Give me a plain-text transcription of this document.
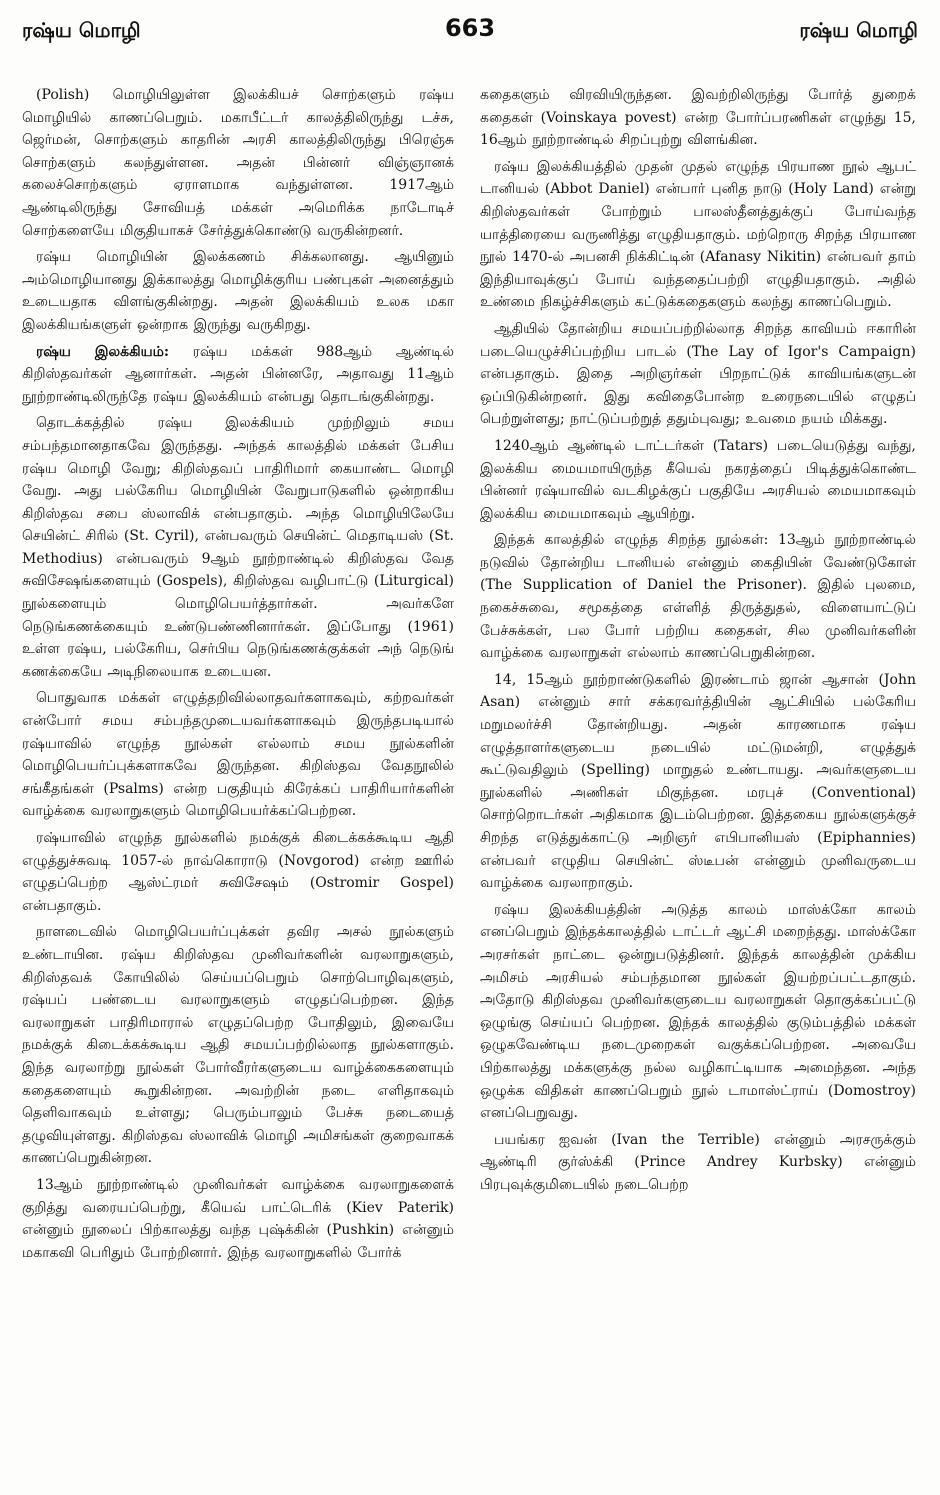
ரஷ்ய மொழி	663	ரஷ்ய மொழி

(Polish) மொழியிலுள்ள இலக்கியச் சொற்களும் ரஷ்ய மொழியில் காணப்பெறும். மகாபீட்டர் காலத்திலிருந்து டச்சு, ஜெர்மன், சொற்களும் காதரின் அரசி காலத்திலிருந்து பிரெஞ்சு சொற்களும் கலந்துள்ளன. அதன் பின்னர் விஞ்ஞானக் கலைச்சொற்களும் ஏராளமாக வந்துள்ளன. 1917ஆம் ஆண்டிலிருந்து சோவியத் மக்கள் அமெரிக்க நாடோடிச் சொற்களையே மிகுதியாகச் சேர்த்துக்கொண்டு வருகின்றனர்.

ரஷ்ய மொழியின் இலக்கணம் சிக்கலானது. ஆயினும் அம்மொழியானது இக்காலத்து மொழிக்குரிய பண்புகள் அனைத்தும் உடையதாக விளங்குகின்றது. அதன் இலக்கியம் உலக மகா இலக்கியங்களுள் ஒன்றாக இருந்து வருகிறது.

ரஷ்ய இலக்கியம்: ரஷ்ய மக்கள் 988ஆம் ஆண்டில் கிறிஸ்தவர்கள் ஆனார்கள். அதன் பின்னரே, அதாவது 11ஆம் நூற்றாண்டிலிருந்தே ரஷ்ய இலக்கியம் என்பது தொடங்குகின்றது.

தொடக்கத்தில் ரஷ்ய இலக்கியம் முற்றிலும் சமய சம்பந்தமானதாகவே இருந்தது. அந்தக் காலத்தில் மக்கள் பேசிய ரஷ்ய மொழி வேறு; கிறிஸ்தவப் பாதிரிமார் கையாண்ட மொழி வேறு. அது பல்கேரிய மொழியின் வேறுபாடுகளில் ஒன்றாகிய கிறிஸ்தவ சபை ஸ்லாவிக் என்பதாகும். அந்த மொழியிலேயே செயின்ட் சிரில் (St. Cyril), என்பவரும் செயின்ட் மெதாடியஸ் (St. Methodius) என்பவரும் 9ஆம் நூற்றாண்டில் கிறிஸ்தவ வேத சுவிசேஷங்களையும் (Gospels), கிறிஸ்தவ வழிபாட்டு (Liturgical) நூல்களையும் மொழிபெயர்த்தார்கள். அவர்களே நெடுங்கணக்கையும் உண்டுபண்ணினார்கள். இப்போது (1961) உள்ள ரஷ்ய, பல்கேரிய, செர்பிய நெடுங்கணக்குக்கள் அந் நெடுங் கணக்கையே அடிநிலையாக உடையன.

பொதுவாக மக்கள் எழுத்தறிவில்லாதவர்களாகவும், கற்றவர்கள் என்போர் சமய சம்பந்தமுடையவர்களாகவும் இருந்தபடியால் ரஷ்யாவில் எழுந்த நூல்கள் எல்லாம் சமய நூல்களின் மொழிபெயர்ப்புக்களாகவே இருந்தன. கிறிஸ்தவ வேதநூலில் சங்கீதங்கள் (Psalms) என்ற பகுதியும் கிரேக்கப் பாதிரியார்களின் வாழ்க்கை வரலாறுகளும் மொழிபெயர்க்கப்பெற்றன.

ரஷ்யாவில் எழுந்த நூல்களில் நமக்குக் கிடைக்கக்கூடிய ஆதி எழுத்துச்சுவடி 1057-ல் நாவ்கொராடு (Novgorod) என்ற ஊரில் எழுதப்பெற்ற ஆஸ்ட்ரமர் சுவிசேஷம் (Ostromir Gospel) என்பதாகும்.

நாளடைவில் மொழிபெயர்ப்புக்கள் தவிர அசல் நூல்களும் உண்டாயின. ரஷ்ய கிறிஸ்தவ முனிவர்களின் வரலாறுகளும், கிறிஸ்தவக் கோயிலில் செய்யப்பெறும் சொற்பொழிவுகளும், ரஷ்யப் பண்டைய வரலாறுகளும் எழுதப்பெற்றன. இந்த வரலாறுகள் பாதிரிமாரால் எழுதப்பெற்ற போதிலும், இவையே நமக்குக் கிடைக்கக்கூடிய ஆதி சமயப்பற்றில்லாத நூல்களாகும். இந்த வரலாற்று நூல்கள் போர்வீரர்களுடைய வாழ்க்கைகளையும் கதைகளையும் கூறுகின்றன. அவற்றின் நடை எளிதாகவும் தெளிவாகவும் உள்ளது; பெரும்பாலும் பேச்சு நடையைத் தழுவியுள்ளது. கிறிஸ்தவ ஸ்லாவிக் மொழி அமிசங்கள் குறைவாகக் காணப்பெறுகின்றன.

13ஆம் நூற்றாண்டில் முனிவர்கள் வாழ்க்கை வரலாறுகளைக் குறித்து வரையப்பெற்று, கீயெவ் பாட்டெரிக் (Kiev Paterik) என்னும் நூலைப் பிற்காலத்து வந்த புஷ்க்கின் (Pushkin) என்னும் மகாகவி பெரிதும் போற்றினார். இந்த வரலாறுகளில் போர்க்

கதைகளும் விரவியிருந்தன. இவற்றிலிருந்து போர்த் துறைக் கதைகள் (Voinskaya povest) என்ற போர்ப்பரணிகள் எழுந்து 15, 16ஆம் நூற்றாண்டில் சிறப்புற்று விளங்கின.

ரஷ்ய இலக்கியத்தில் முதன் முதல் எழுந்த பிரயாண நூல் ஆபட் டானியல் (Abbot Daniel) என்பார் புனித நாடு (Holy Land) என்று கிறிஸ்தவர்கள் போற்றும் பாலஸ்தீனத்துக்குப் போய்வந்த யாத்திரையை வருணித்து எழுதியதாகும். மற்றொரு சிறந்த பிரயாண நூல் 1470-ல் அபனசி நிக்கிட்டின் (Afanasy Nikitin) என்பவர் தாம் இந்தியாவுக்குப் போய் வந்ததைப்பற்றி எழுதியதாகும். அதில் உண்மை நிகழ்ச்சிகளும் கட்டுக்கதைகளும் கலந்து காணப்பெறும்.

ஆதியில் தோன்றிய சமயப்பற்றில்லாத சிறந்த காவியம் ஈகாரின் படையெழுச்சிப்பற்றிய பாடல் (The Lay of Igor's Campaign) என்பதாகும். இதை அறிஞர்கள் பிறநாட்டுக் காவியங்களுடன் ஒப்பிடுகின்றனர். இது கவிதைபோன்ற உரைநடையில் எழுதப் பெற்றுள்ளது; நாட்டுப்பற்றுத் ததும்புவது; உவமை நயம் மிக்கது.

1240ஆம் ஆண்டில் டாட்டர்கள் (Tatars) படையெடுத்து வந்து, இலக்கிய மையமாயிருந்த கீயெவ் நகரத்தைப் பிடித்துக்கொண்ட பின்னர் ரஷ்யாவில் வடகிழக்குப் பகுதியே அரசியல் மையமாகவும் இலக்கிய மையமாகவும் ஆயிற்று.

இந்தக் காலத்தில் எழுந்த சிறந்த நூல்கள்: 13ஆம் நூற்றாண்டில் நடுவில் தோன்றிய டானியல் என்னும் கைதியின் வேண்டுகோள் (The Supplication of Daniel the Prisoner). இதில் புலமை, நகைச்சுவை, சமூகத்தை எள்ளித் திருத்துதல், விளையாட்டுப் பேச்சுக்கள், பல போர் பற்றிய கதைகள், சில முனிவர்களின் வாழ்க்கை வரலாறுகள் எல்லாம் காணப்பெறுகின்றன.

14, 15ஆம் நூற்றாண்டுகளில் இரண்டாம் ஜான் ஆசான் (John Asan) என்னும் சார் சக்கரவர்த்தியின் ஆட்சியில் பல்கேரிய மறுமலர்ச்சி தோன்றியது. அதன் காரணமாக ரஷ்ய எழுத்தாளர்களுடைய நடையில் மட்டுமன்றி, எழுத்துக் கூட்டுவதிலும் (Spelling) மாறுதல் உண்டாயது. அவர்களுடைய நூல்களில் அணிகள் மிகுந்தன. மரபுச் (Conventional) சொற்றொடர்கள் அதிகமாக இடம்பெற்றன. இத்தகைய நூல்களுக்குச் சிறந்த எடுத்துக்காட்டு அறிஞர் எபிபானியஸ் (Epiphannies) என்பவர் எழுதிய செயின்ட் ஸ்டீபன் என்னும் முனிவருடைய வாழ்க்கை வரலாறாகும்.

ரஷ்ய இலக்கியத்தின் அடுத்த காலம் மாஸ்க்கோ காலம் எனப்பெறும் இந்தக்காலத்தில் டாட்டர் ஆட்சி மறைந்தது. மாஸ்க்கோ அரசர்கள் நாட்டை ஒன்றுபடுத்தினர். இந்தக் காலத்தின் முக்கிய அமிசம் அரசியல் சம்பந்தமான நூல்கள் இயற்றப்பட்டதாகும். அதோடு கிறிஸ்தவ முனிவர்களுடைய வரலாறுகள் தொகுக்கப்பட்டு ஒழுங்கு செய்யப் பெற்றன. இந்தக் காலத்தில் குடும்பத்தில் மக்கள் ஒழுகவேண்டிய நடைமுறைகள் வகுக்கப்பெற்றன. அவையே பிற்காலத்து மக்களுக்கு நல்ல வழிகாட்டியாக அமைந்தன. அந்த ஒழுக்க விதிகள் காணப்பெறும் நூல் டாமாஸ்ட்ராய் (Domostroy) எனப்பெறுவது.

பயங்கர ஐவன் (Ivan the Terrible) என்னும் அரசருக்கும் ஆண்டிரி குர்ஸ்க்கி (Prince Andrey Kurbsky) என்னும் பிரபுவுக்குமிடையில் நடைபெற்ற
